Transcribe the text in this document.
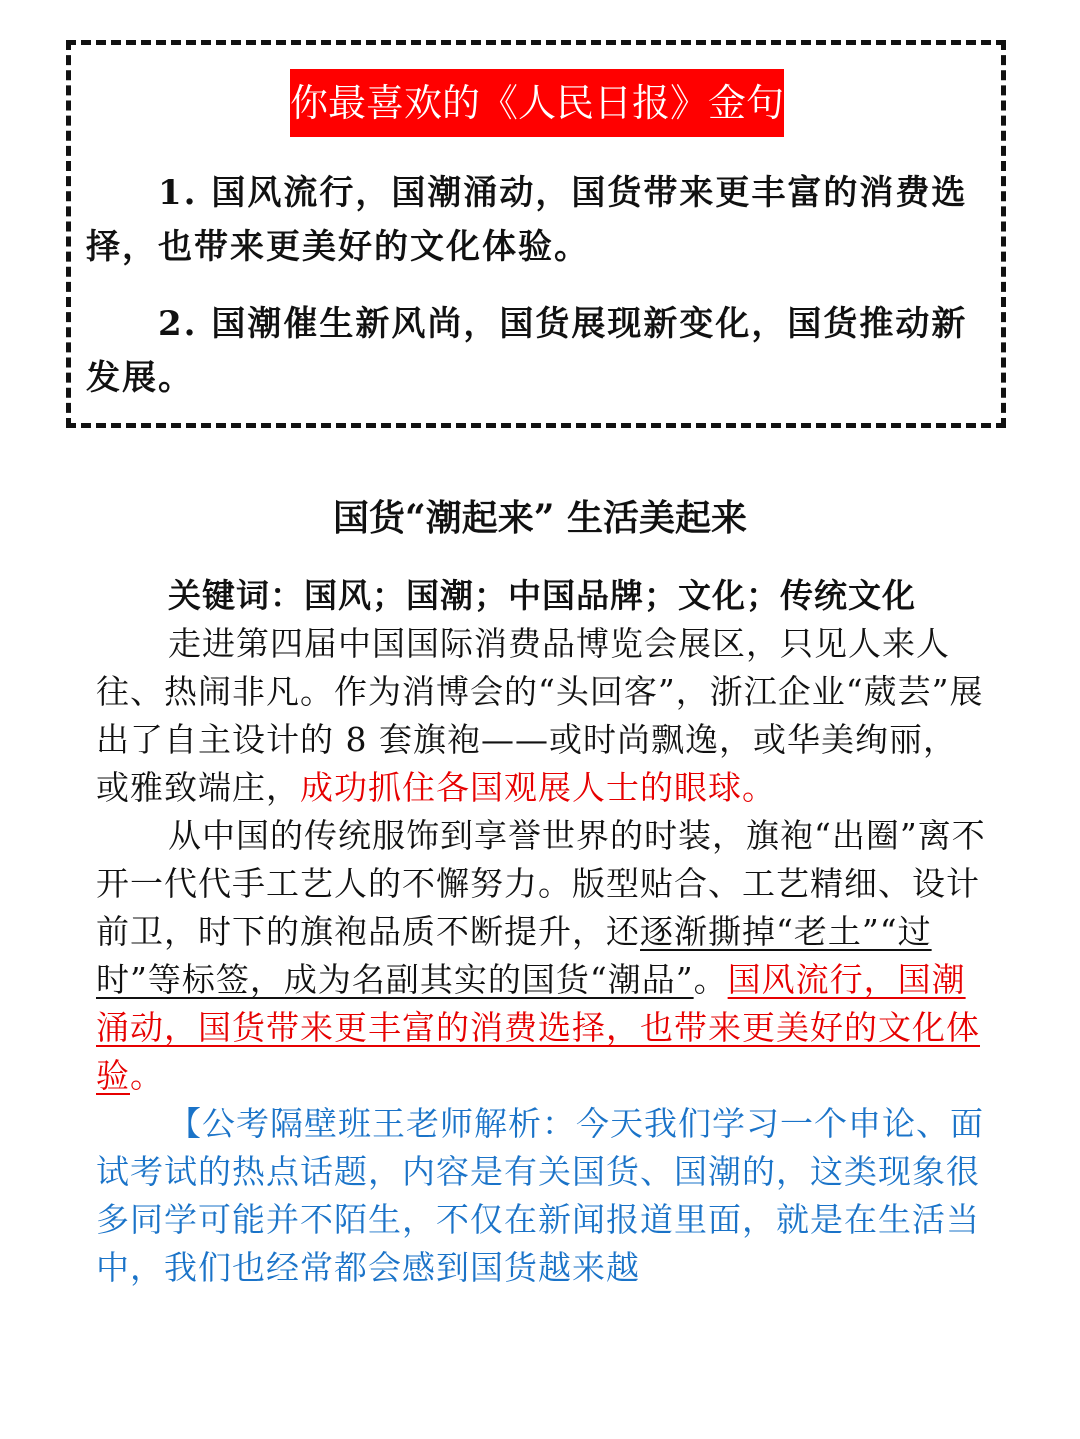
你最喜欢的《人民日报》金句

1. 国风流行，国潮涌动，国货带来更丰富的消费选择，也带来更美好的文化体验。

2. 国潮催生新风尚，国货展现新变化，国货推动新发展。

国货“潮起来” 生活美起来

关键词：国风；国潮；中国品牌；文化；传统文化

走进第四届中国国际消费品博览会展区，只见人来人往、热闹非凡。作为消博会的“头回客”，浙江企业“葳芸”展出了自主设计的 8 套旗袍——或时尚飘逸，或华美绚丽，或雅致端庄，成功抓住各国观展人士的眼球。

从中国的传统服饰到享誉世界的时装，旗袍“出圈”离不开一代代手工艺人的不懈努力。版型贴合、工艺精细、设计前卫，时下的旗袍品质不断提升，还逐渐撕掉“老土”“过时”等标签，成为名副其实的国货“潮品”。国风流行，国潮涌动，国货带来更丰富的消费选择，也带来更美好的文化体验。

【公考隔壁班王老师解析：今天我们学习一个申论、面试考试的热点话题，内容是有关国货、国潮的，这类现象很多同学可能并不陌生，不仅在新闻报道里面，就是在生活当中，我们也经常都会感到国货越来越
